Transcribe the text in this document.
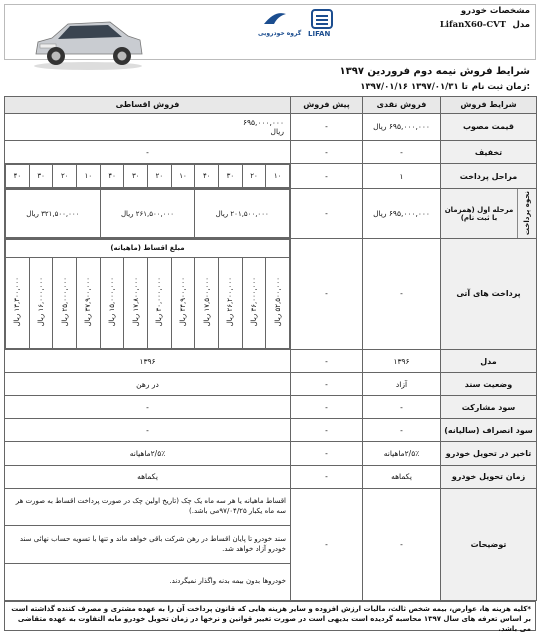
گروه خودرویی LIFAN
مشخصات خودرو
مدل
LifanX60-CVT
شرایط فروش نیمه دوم فروردین ۱۳۹۷
زمان ثبت نام:
۱۳۹۷/۰۱/۱۶ تا ۱۳۹۷/۰۱/۳۱
شرایط فروش	فروش نقدی	پیش فروش	فروش اقساطی
قیمت مصوب	۶۹۵,۰۰۰,۰۰۰ ریال	-	۶۹۵,۰۰۰,۰۰۰
ریال
تخفیف	-	-	-
مراحل پرداخت	۱	-	
۱۰	۲۰	۳۰	۴۰	۱۰	۲۰	۳۰	۴۰	۱۰	۲۰	۳۰	۴۰

نحوه پرداخت	مرحله اول (همزمان با ثبت نام)
	۶۹۵,۰۰۰,۰۰۰ ریال	-	
۲۰۱,۵۰۰,۰۰۰ ریال	۲۶۱,۵۰۰,۰۰۰ ریال	۳۲۱,۵۰۰,۰۰۰ ریال

پرداخت های آتی	-	-	
مبلغ اقساط (ماهیانه)
۵۲,۵۰۰,۰۰۰ ریال	۳۶,۰۰۰,۰۰۰ ریال	۲۶,۲۰۰,۰۰۰ ریال	۱۷,۵۰۰,۰۰۰ ریال	۴۴,۹۰۰,۰۰۰ ریال	۳۰,۰۰۰,۰۰۰ ریال	۱۷,۸۰۰,۰۰۰ ریال	۱۵,۰۰۰,۰۰۰ ریال	۳۷,۹۰۰,۰۰۰ ریال	۲۵,۰۰۰,۰۰۰ ریال	۱۶,۰۰۰,۰۰۰ ریال	۱۳,۳۰۰,۰۰۰ ریال

مدل	۱۳۹۶	-	۱۳۹۶
وضعیت سند	آزاد	-	در رهن
سود مشارکت	-	-	-
سود انصراف (سالیانه)	-	-	-
تاخیر در تحویل خودرو	۲/۵٪ماهیانه	-	۲/۵٪ماهیانه
زمان تحویل خودرو	یکماهه	-	یکماهه
توضیحات	-	-	اقساط ماهیانه یا هر سه ماه یک چک (تاریخ اولین چک در صورت پرداخت اقساط به صورت هر سه ماه یکبار ۹۷/۰۴/۲۵می باشد.)
سند خودرو تا پایان اقساط در رهن شرکت باقی خواهد ماند و تنها با تسویه حساب نهائی سند خودرو آزاد خواهد شد.
خودروها بدون بیمه بدنه واگذار نمیگردند.
*کلیه هزینه ها، عوارض، بیمه شخص ثالث، مالیات ارزش افزوده و سایر هزینه هایی که قانون پرداخت آن را به عهده مشتری و مصرف کننده گذاشته است بر اساس تعرفه های سال ۱۳۹۷ محاسبه گردیده است بدیهی است در صورت تغییر قوانین و نرخها در زمان تحویل خودرو مابه التفاوت به عهده متقاضی می باشد.
